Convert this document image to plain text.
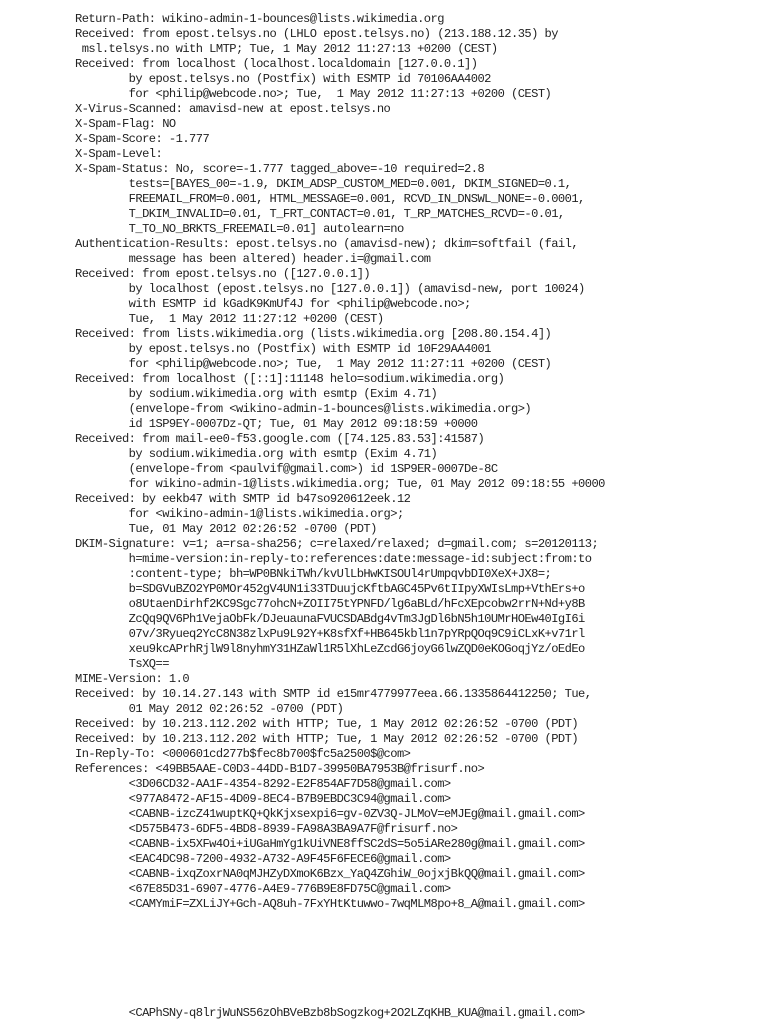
Return-Path: wikino-admin-1-bounces@lists.wikimedia.org
Received: from epost.telsys.no (LHLO epost.telsys.no) (213.188.12.35) by
msl.telsys.no with LMTP; Tue, 1 May 2012 11:27:13 +0200 (CEST)
Received: from localhost (localhost.localdomain [127.0.0.1])
by epost.telsys.no (Postfix) with ESMTP id 70106AA4002
for <philip@webcode.no>; Tue,  1 May 2012 11:27:13 +0200 (CEST)
X-Virus-Scanned: amavisd-new at epost.telsys.no
X-Spam-Flag: NO
X-Spam-Score: -1.777
X-Spam-Level:
X-Spam-Status: No, score=-1.777 tagged_above=-10 required=2.8
tests=[BAYES_00=-1.9, DKIM_ADSP_CUSTOM_MED=0.001, DKIM_SIGNED=0.1,
FREEMAIL_FROM=0.001, HTML_MESSAGE=0.001, RCVD_IN_DNSWL_NONE=-0.0001,
T_DKIM_INVALID=0.01, T_FRT_CONTACT=0.01, T_RP_MATCHES_RCVD=-0.01,
T_TO_NO_BRKTS_FREEMAIL=0.01] autolearn=no
Authentication-Results: epost.telsys.no (amavisd-new); dkim=softfail (fail,
message has been altered) header.i=@gmail.com
Received: from epost.telsys.no ([127.0.0.1])
by localhost (epost.telsys.no [127.0.0.1]) (amavisd-new, port 10024)
with ESMTP id kGadK9KmUf4J for <philip@webcode.no>;
Tue,  1 May 2012 11:27:12 +0200 (CEST)
Received: from lists.wikimedia.org (lists.wikimedia.org [208.80.154.4])
by epost.telsys.no (Postfix) with ESMTP id 10F29AA4001
for <philip@webcode.no>; Tue,  1 May 2012 11:27:11 +0200 (CEST)
Received: from localhost ([::1]:11148 helo=sodium.wikimedia.org)
by sodium.wikimedia.org with esmtp (Exim 4.71)
(envelope-from <wikino-admin-1-bounces@lists.wikimedia.org>)
id 1SP9EY-0007Dz-QT; Tue, 01 May 2012 09:18:59 +0000
Received: from mail-ee0-f53.google.com ([74.125.83.53]:41587)
by sodium.wikimedia.org with esmtp (Exim 4.71)
(envelope-from <paulvif@gmail.com>) id 1SP9ER-0007De-8C
for wikino-admin-1@lists.wikimedia.org; Tue, 01 May 2012 09:18:55 +0000
Received: by eekb47 with SMTP id b47so920612eek.12
for <wikino-admin-1@lists.wikimedia.org>;
Tue, 01 May 2012 02:26:52 -0700 (PDT)
DKIM-Signature: v=1; a=rsa-sha256; c=relaxed/relaxed; d=gmail.com; s=20120113;
h=mime-version:in-reply-to:references:date:message-id:subject:from:to
:content-type; bh=WP0BNkiTWh/kvUlLbHwKISOUl4rUmpqvbDI0XeX+JX8=;
b=SDGVuBZO2YP0MOr452gV4UN1i33TDuujcKftbAGC45Pv6tIIpyXWIsLmp+VthErs+o
o8UtaenDirhf2KC9Sgc77ohcN+ZOII75tYPNFD/lg6aBLd/hFcXEpcobw2rrN+Nd+y8B
ZcQq9QV6Ph1VejaObFk/DJeuaunaFVUCSDABdg4vTm3JgDl6bN5h10UMrHOEw40IgI6i
07v/3Ryueq2YcC8N38zlxPu9L92Y+K8sfXf+HB645kbl1n7pYRpQOq9C9iCLxK+v71rl
xeu9kcAPrhRjlW9l8nyhmY31HZaWl1R5lXhLeZcdG6joyG6lwZQD0eKOGoqjYz/oEdEo
TsXQ==
MIME-Version: 1.0
Received: by 10.14.27.143 with SMTP id e15mr4779977eea.66.1335864412250; Tue,
01 May 2012 02:26:52 -0700 (PDT)
Received: by 10.213.112.202 with HTTP; Tue, 1 May 2012 02:26:52 -0700 (PDT)
Received: by 10.213.112.202 with HTTP; Tue, 1 May 2012 02:26:52 -0700 (PDT)
In-Reply-To: <000601cd277b$fec8b700$fc5a2500$@com>
References: <49BB5AAE-C0D3-44DD-B1D7-39950BA7953B@frisurf.no>
<3D06CD32-AA1F-4354-8292-E2F854AF7D58@gmail.com>
<977A8472-AF15-4D09-8EC4-B7B9EBDC3C94@gmail.com>
<CABNB-izcZ41wuptKQ+QkKjxsexpi6=gv-0ZV3Q-JLMoV=eMJEg@mail.gmail.com>
<D575B473-6DF5-4BD8-8939-FA98A3BA9A7F@frisurf.no>
<CABNB-ix5XFw4Oi+iUGaHmYg1kUiVNE8ffSC2dS=5o5iARe280g@mail.gmail.com>
<EAC4DC98-7200-4932-A732-A9F45F6FECE6@gmail.com>
<CABNB-ixqZoxrNA0qMJHZyDXmoK6Bzx_YaQ4ZGhiW_0ojxjBkQQ@mail.gmail.com>
<67E85D31-6907-4776-A4E9-776B9E8FD75C@gmail.com>
<CAMYmiF=ZXLiJY+Gch-AQ8uh-7FxYHtKtuwwo-7wqMLM8po+8_A@mail.gmail.com>
<CAPhSNy-q8lrjWuNS56zOhBVeBzb8bSogzkog+2O2LZqKHB_KUA@mail.gmail.com>
